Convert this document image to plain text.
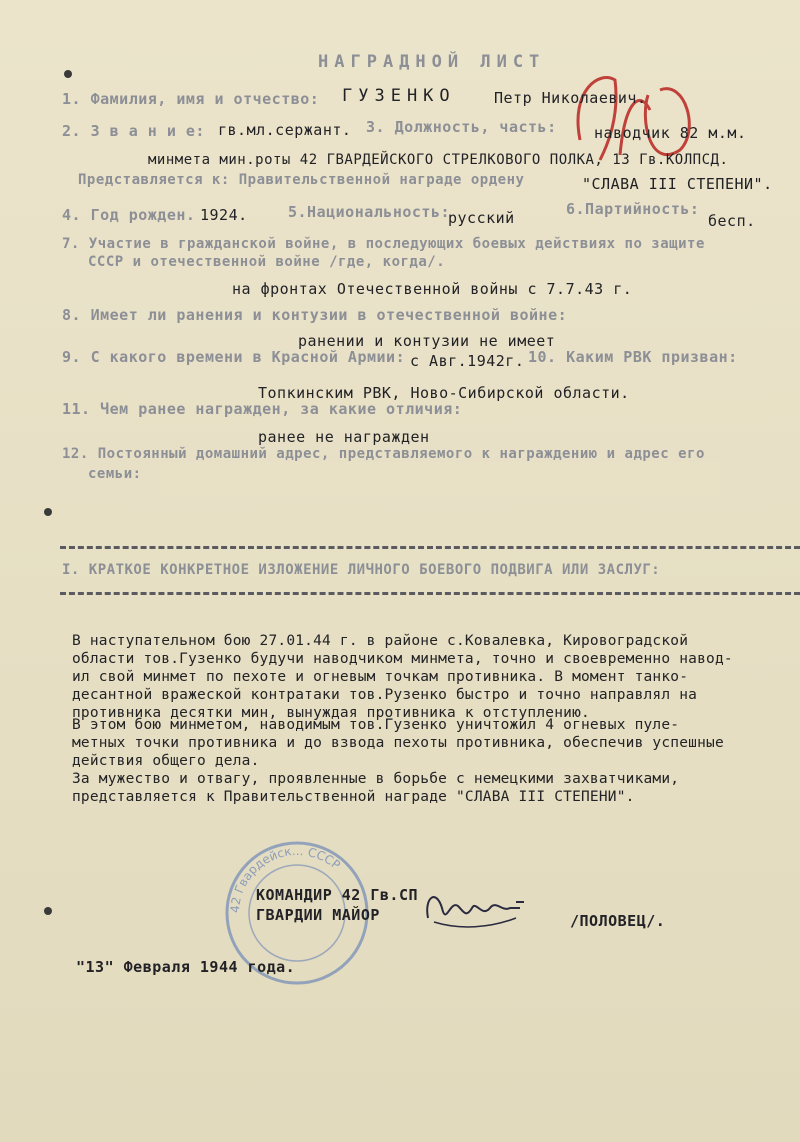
НАГРАДНОЙ ЛИСТ
1. Фамилия, имя и отчество: ГУЗЕНКО	Петр Николаевич.
2. З в а н и е: гв.мл.сержант. 3. Должность, часть: наводчик 82 м.м.
минмета мин.роты 42 ГВАРДЕЙСКОГО СТРЕЛКОВОГО ПОЛКА, 13 Гв.КОЛПСД.
Представляется к: Правительственной награде ордену	"СЛАВА III СТЕПЕНИ".
4. Год рожден. 1924.	5.Национальность:
русский	6.Партийность:
бесп.
7. Участие в гражданской войне, в последующих боевых действиях по защите
СССР и отечественной войне /где, когда/.
на фронтах Отечественной войны с 7.7.43 г.
8. Имеет ли ранения и контузии в отечественной войне:
ранении и контузии не имеет
9. С какого времени в Красной Армии: с Авг.1942г. 10. Каким РВК призван:
Топкинским РВК, Ново-Сибирской области.
11. Чем ранее награжден, за какие отличия:
ранее не награжден
12. Постоянный домашний адрес, представляемого к награждению и адрес его
семьи:
I. КРАТКОЕ КОНКРЕТНОЕ ИЗЛОЖЕНИЕ ЛИЧНОГО БОЕВОГО ПОДВИГА ИЛИ ЗАСЛУГ:
В наступательном бою 27.01.44 г. в районе с.Ковалевка, Кировоградской
области тов.Гузенко будучи наводчиком минмета, точно и своевременно навод-
ил свой минмет по пехоте и огневым точкам противника. В момент танко-
десантной вражеской контратаки тов.Рузенко быстро и точно направлял на
противника десятки мин, вынуждая противника к отступлению.
В этом бою минметом, наводимым тов.Гузенко уничтожил 4 огневых пуле-
метных точки противника и до взвода пехоты противника, обеспечив успешные
действия общего дела.
За мужество и отвагу, проявленные в борьбе с немецкими захватчиками,
представляется к Правительственной награде "СЛАВА III СТЕПЕНИ".
42 Гвардейск... СССР
КОМАНДИР 42 Гв.СП
ГВАРДИИ МАЙОР	/ПОЛОВЕЦ/.
"13" Февраля 1944 года.
